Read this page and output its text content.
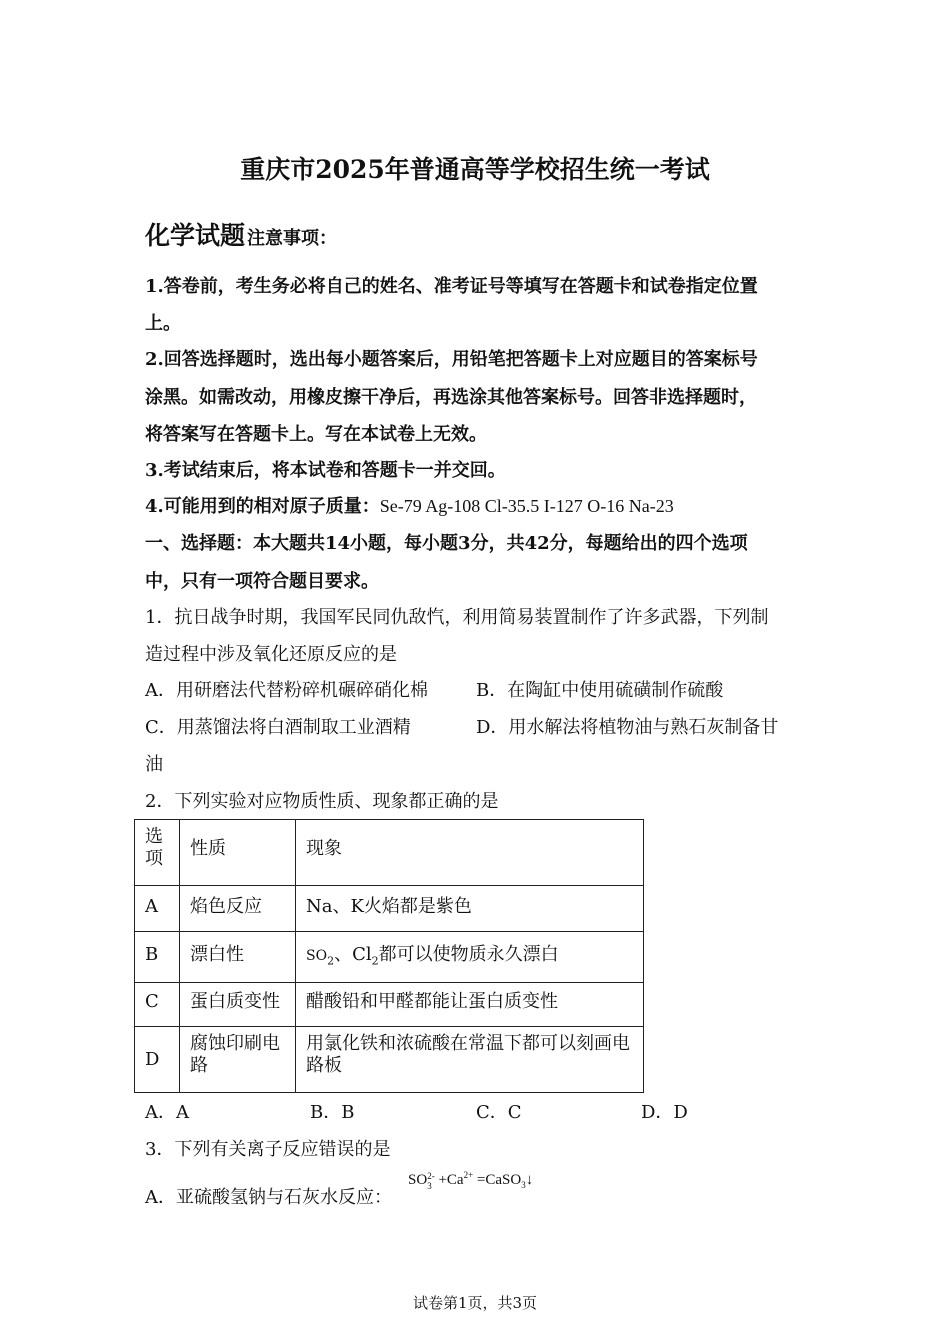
重庆市2025年普通高等学校招生统一考试
化学试题 注意事项：
1.答卷前，考生务必将自己的姓名、准考证号等填写在答题卡和试卷指定位置
上。
2.回答选择题时，选出每小题答案后，用铅笔把答题卡上对应题目的答案标号
涂黑。如需改动，用橡皮擦干净后，再选涂其他答案标号。回答非选择题时，
将答案写在答题卡上。写在本试卷上无效。
3.考试结束后，将本试卷和答题卡一并交回。
4.可能用到的相对原子质量：Se-79 Ag-108 Cl-35.5 I-127 O-16 Na-23
一、选择题：本大题共14小题，每小题3分，共42分，每题给出的四个选项
中，只有一项符合题目要求。
1．抗日战争时期，我国军民同仇敌忾，利用简易装置制作了许多武器，下列制
造过程中涉及氧化还原反应的是
A．用研磨法代替粉碎机碾碎硝化棉	B．在陶缸中使用硫磺制作硫酸
C．用蒸馏法将白酒制取工业酒精	D．用水解法将植物油与熟石灰制备甘
油
2．下列实验对应物质性质、现象都正确的是
选项	性质	现象
A	焰色反应	Na、K火焰都是紫色
B	漂白性	$SO_2$、$Cl_2$都可以使物质永久漂白
C	蛋白质变性	醋酸铅和甲醛都能让蛋白质变性
D	腐蚀印刷电路	用氯化铁和浓硫酸在常温下都可以刻画电路板
A．A	B．B	C．C	D．D
3．下列有关离子反应错误的是
A．亚硫酸氢钠与石灰水反应：
SO 2-
$3 +Ca^{2+}$ =CaSO$_3$↓
试卷第1页，共3页
